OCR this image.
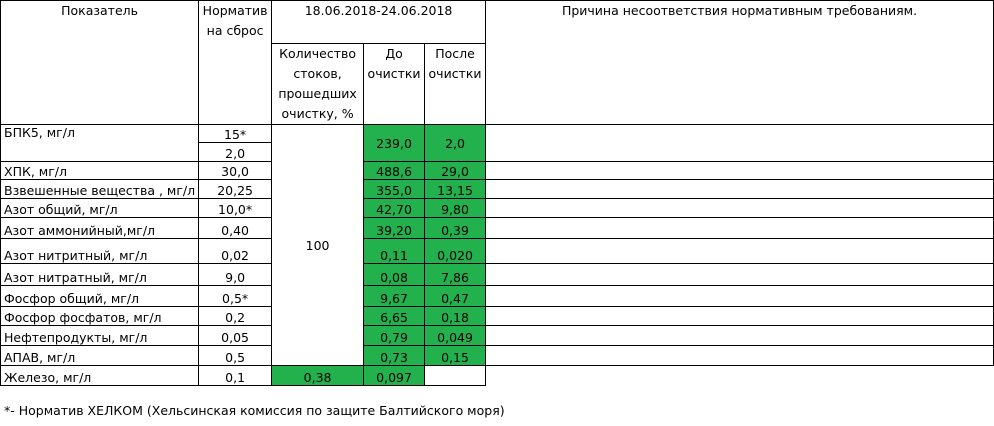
Показатель	Норматив на сброс	18.06.2018-24.06.2018			Причина несоответствия нормативным требованиям.
		Количество стоков, прошедших очистку, %	До очистки	После очистки	
БПК5, мг/л	15*	100	239,0	2,0	
	2,0				
ХПК, мг/л	30,0		488,6	29,0	
Взвешенные вещества , мг/л	20,25		355,0	13,15	
Азот общий, мг/л	10,0*		42,70	9,80	
Азот аммонийный,мг/л	0,40		39,20	0,39	
Азот нитритный, мг/л	0,02		0,11	0,020	
Азот нитратный, мг/л	9,0		0,08	7,86	
Фосфор общий, мг/л	0,5*		9,67	0,47	
Фосфор фосфатов, мг/л	0,2		6,65	0,18	
Нефтепродукты, мг/л	0,05		0,79	0,049	
АПАВ, мг/л	0,5		0,73	0,15	
Железо, мг/л	0,1	0,38	0,097		
*- Норматив ХЕЛКОМ (Хельсинская комиссия по защите Балтийского моря)
